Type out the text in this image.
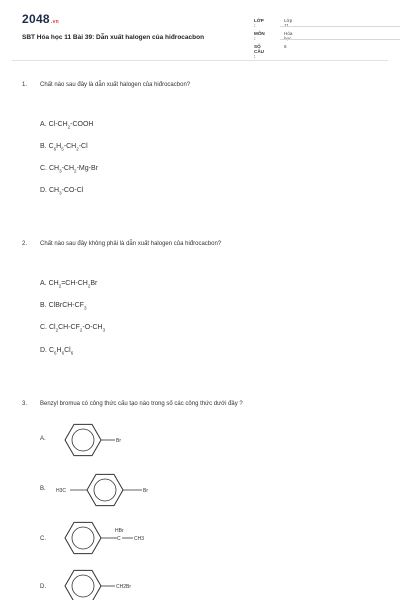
2048.vn
SBT Hóa học 11 Bài 39: Dẫn xuất halogen của hiđrocacbon
LỚP :
Lớp 11
MÔN :
Hóa học
SỐ CÂU :
6
1. Chất nào sau đây là dẫn xuất halogen của hiđrocacbon?
A. $Cl-CH_2$-COOH
B. $C_6H_5-CH_2-Cl$
C. $CH_3-CH_2-Mg-Br$
D. $CH_3-CO-Cl$
2. Chất nào sau đây không phải là dẫn xuất halogen của hiđrocacbon?
A. $CH_2=CH-CH_2Br$
B. ClBrCH-$CF_3$
C. $Cl_2CH-CF_2-O-CH_3$
D. $C_6H_6Cl_6$
3. Benzyl bromua có công thức cấu tạo nào trong số các công thức dưới đây ?
A.	Br
B. H3C	Br
C.
HBr
C	CH3
D.	CH2Br
